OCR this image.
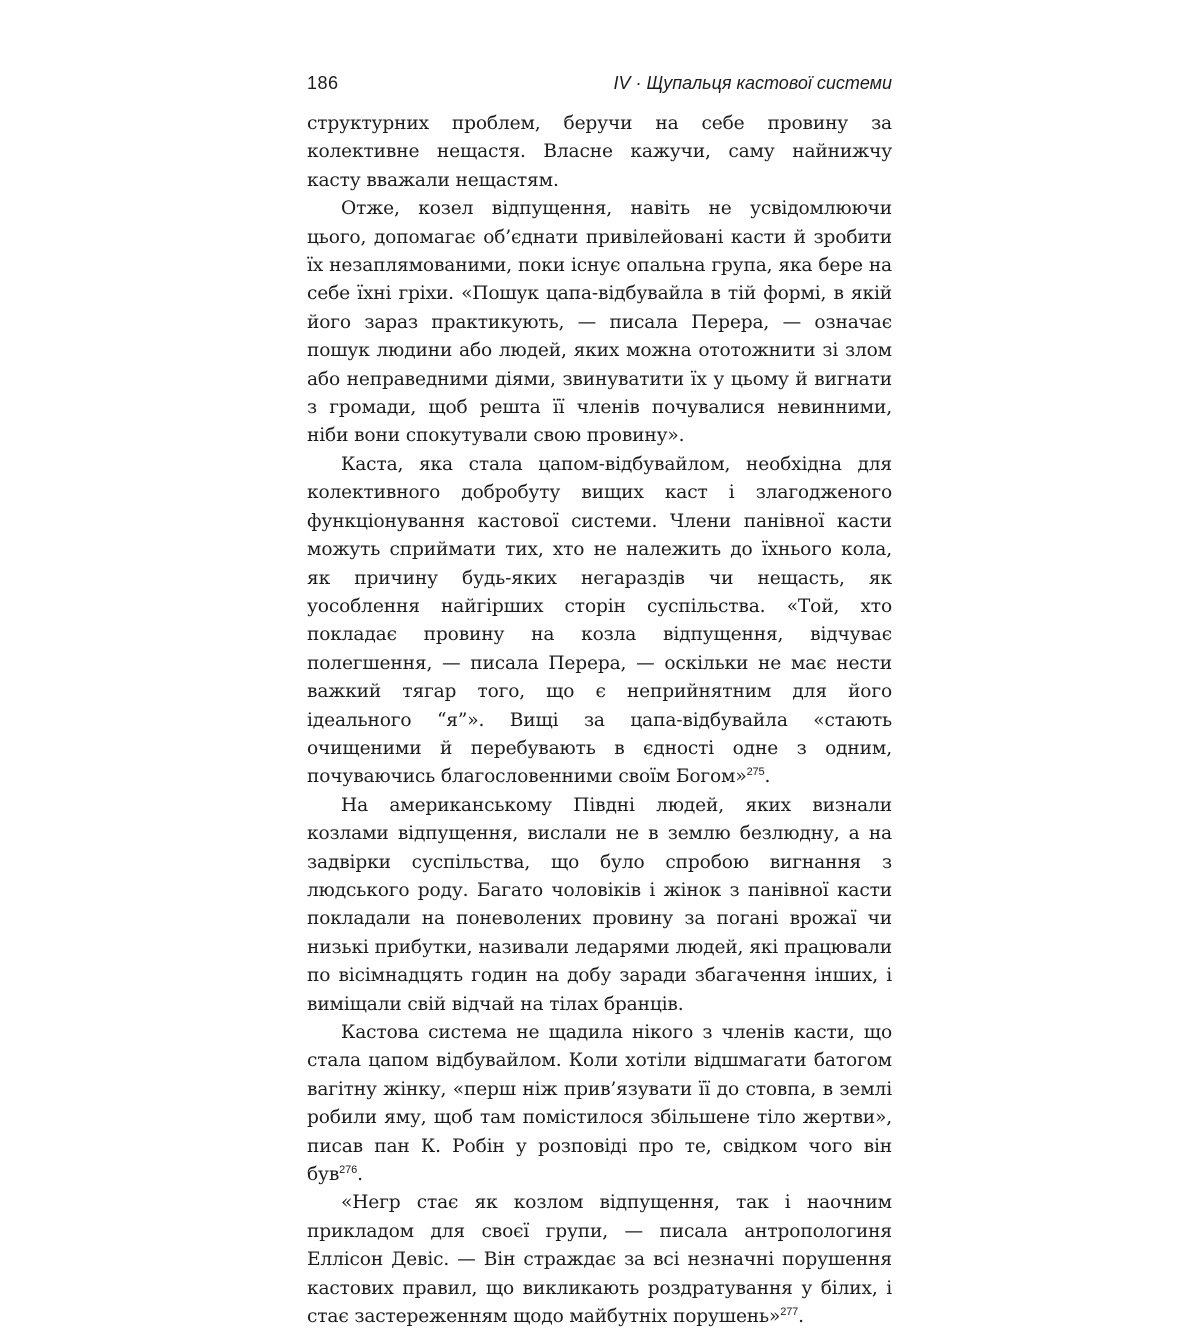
186	IV · Щупальця кастової системи

структурних проблем, беручи на себе провину за колективне нещастя. Власне кажучи, саму найнижчу касту вважали нещастям.

Отже, козел відпущення, навіть не усвідомлюючи цього, допомагає об’єднати привілейовані касти й зробити їх незаплямованими, поки існує опальна група, яка бере на себе їхні гріхи. «Пошук цапа-відбувайла в тій формі, в якій його зараз практикують, — писала Перера, — означає пошук людини або людей, яких можна ототожнити зі злом або неправедними діями, звинуватити їх у цьому й вигнати з громади, щоб решта її членів почувалися невинними, ніби вони спокутували свою провину».

Каста, яка стала цапом-відбувайлом, необхідна для колективного добробуту вищих каст і злагодженого функціонування кастової системи. Члени панівної касти можуть сприймати тих, хто не належить до їхнього кола, як причину будь-яких негараздів чи нещасть, як уособлення найгірших сторін суспільства. «Той, хто покладає провину на козла відпущення, відчуває полегшення, — писала Перера, — оскільки не має нести важкий тягар того, що є неприйнятним для його ідеального “я”». Вищі за цапа-відбувайла «стають очищеними й перебувають в єдності одне з одним, почуваючись благословенними своїм Богом»$^{275}$.

На американському Півдні людей, яких визнали козлами відпущення, вислали не в землю безлюдну, а на задвірки суспільства, що було спробою вигнання з людського роду. Багато чоловіків і жінок з панівної касти покладали на поневолених провину за погані врожаї чи низькі прибутки, називали ледарями людей, які працювали по вісімнадцять годин на добу заради збагачення інших, і виміщали свій відчай на тілах бранців.

Кастова система не щадила нікого з членів касти, що стала цапом відбувайлом. Коли хотіли відшмагати батогом вагітну жінку, «перш ніж прив’язувати її до стовпа, в землі робили яму, щоб там помістилося збільшене тіло жертви», писав пан К. Робін у розповіді про те, свідком чого він був$^{276}$.

«Негр стає як козлом відпущення, так і наочним прикладом для своєї групи, — писала антропологиня Еллісон Девіс. — Він страждає за всі незначні порушення кастових правил, що викликають роздратування у білих, і стає застереженням щодо майбутніх порушень»$^{277}$.
